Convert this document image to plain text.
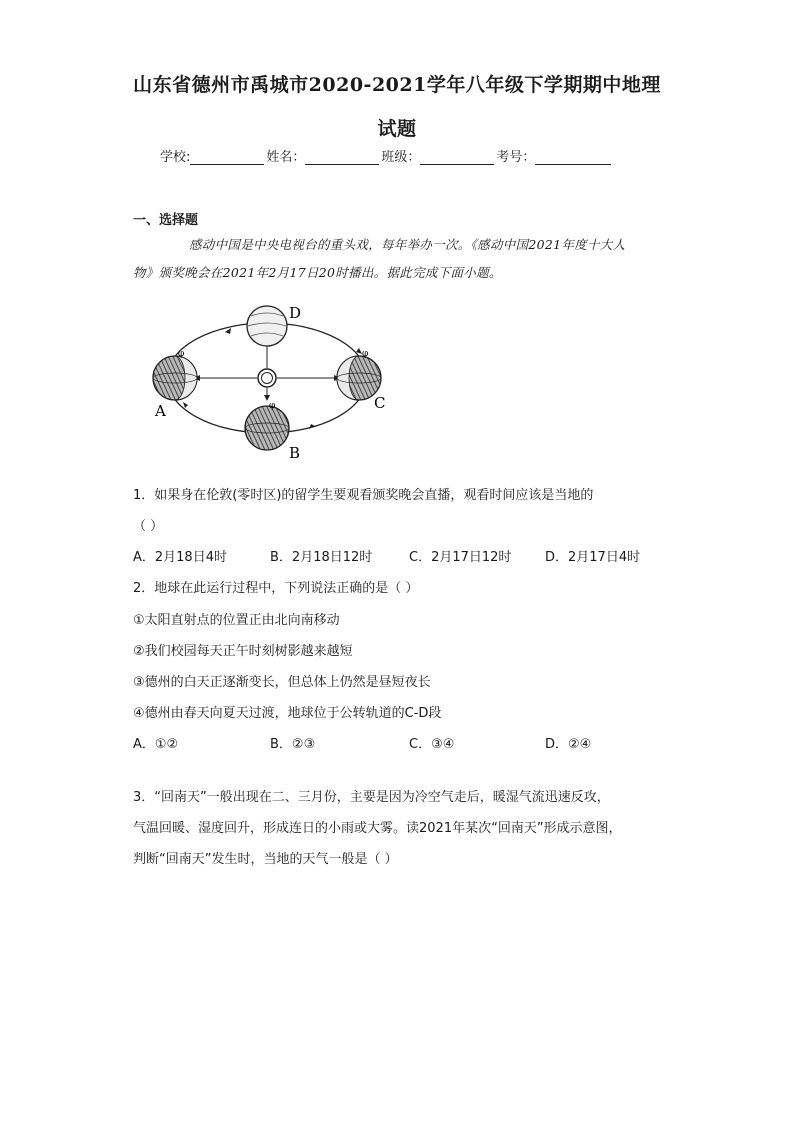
山东省德州市禹城市2020-2021学年八年级下学期期中地理
试题
学校:	姓名：	班级：	考号：
一、选择题
感动中国是中央电视台的重头戏，每年举办一次。《感动中国2021年度十大人
物》颁奖晚会在2021年2月17日20时播出。据此完成下面小题。
φ
φ
φ
A
B
C
D
1．如果身在伦敦(零时区)的留学生要观看颁奖晚会直播，观看时间应该是当地的
（ ）
A．2月18日4时	B．2月18日12时	C．2月17日12时	D．2月17日4时
2．地球在此运行过程中，下列说法正确的是（ ）
①太阳直射点的位置正由北向南移动
②我们校园每天正午时刻树影越来越短
③德州的白天正逐渐变长，但总体上仍然是昼短夜长
④德州由春天向夏天过渡，地球位于公转轨道的C-D段
A．①②	B．②③	C．③④	D．②④
3．“回南天”一般出现在二、三月份，主要是因为冷空气走后，暖湿气流迅速反攻，
气温回暖、湿度回升，形成连日的小雨或大雾。读2021年某次“回南天”形成示意图，
判断“回南天”发生时，当地的天气一般是（ ）
